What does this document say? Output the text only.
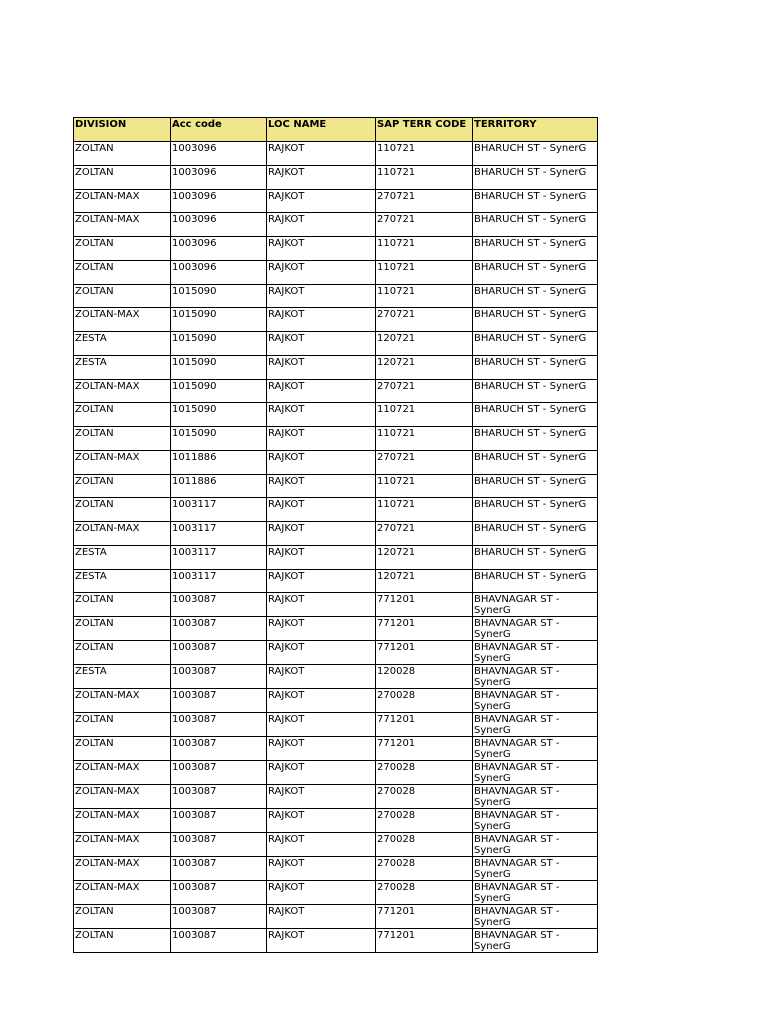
DIVISION	Acc code	LOC NAME	SAP TERR CODE	TERRITORY
ZOLTAN	1003096	RAJKOT	110721	BHARUCH ST - SynerG
ZOLTAN	1003096	RAJKOT	110721	BHARUCH ST - SynerG
ZOLTAN-MAX	1003096	RAJKOT	270721	BHARUCH ST - SynerG
ZOLTAN-MAX	1003096	RAJKOT	270721	BHARUCH ST - SynerG
ZOLTAN	1003096	RAJKOT	110721	BHARUCH ST - SynerG
ZOLTAN	1003096	RAJKOT	110721	BHARUCH ST - SynerG
ZOLTAN	1015090	RAJKOT	110721	BHARUCH ST - SynerG
ZOLTAN-MAX	1015090	RAJKOT	270721	BHARUCH ST - SynerG
ZESTA	1015090	RAJKOT	120721	BHARUCH ST - SynerG
ZESTA	1015090	RAJKOT	120721	BHARUCH ST - SynerG
ZOLTAN-MAX	1015090	RAJKOT	270721	BHARUCH ST - SynerG
ZOLTAN	1015090	RAJKOT	110721	BHARUCH ST - SynerG
ZOLTAN	1015090	RAJKOT	110721	BHARUCH ST - SynerG
ZOLTAN-MAX	1011886	RAJKOT	270721	BHARUCH ST - SynerG
ZOLTAN	1011886	RAJKOT	110721	BHARUCH ST - SynerG
ZOLTAN	1003117	RAJKOT	110721	BHARUCH ST - SynerG
ZOLTAN-MAX	1003117	RAJKOT	270721	BHARUCH ST - SynerG
ZESTA	1003117	RAJKOT	120721	BHARUCH ST - SynerG
ZESTA	1003117	RAJKOT	120721	BHARUCH ST - SynerG
ZOLTAN	1003087	RAJKOT	771201	BHAVNAGAR ST - SynerG
ZOLTAN	1003087	RAJKOT	771201	BHAVNAGAR ST - SynerG
ZOLTAN	1003087	RAJKOT	771201	BHAVNAGAR ST - SynerG
ZESTA	1003087	RAJKOT	120028	BHAVNAGAR ST - SynerG
ZOLTAN-MAX	1003087	RAJKOT	270028	BHAVNAGAR ST - SynerG
ZOLTAN	1003087	RAJKOT	771201	BHAVNAGAR ST - SynerG
ZOLTAN	1003087	RAJKOT	771201	BHAVNAGAR ST - SynerG
ZOLTAN-MAX	1003087	RAJKOT	270028	BHAVNAGAR ST - SynerG
ZOLTAN-MAX	1003087	RAJKOT	270028	BHAVNAGAR ST - SynerG
ZOLTAN-MAX	1003087	RAJKOT	270028	BHAVNAGAR ST - SynerG
ZOLTAN-MAX	1003087	RAJKOT	270028	BHAVNAGAR ST - SynerG
ZOLTAN-MAX	1003087	RAJKOT	270028	BHAVNAGAR ST - SynerG
ZOLTAN-MAX	1003087	RAJKOT	270028	BHAVNAGAR ST - SynerG
ZOLTAN	1003087	RAJKOT	771201	BHAVNAGAR ST - SynerG
ZOLTAN	1003087	RAJKOT	771201	BHAVNAGAR ST - SynerG
